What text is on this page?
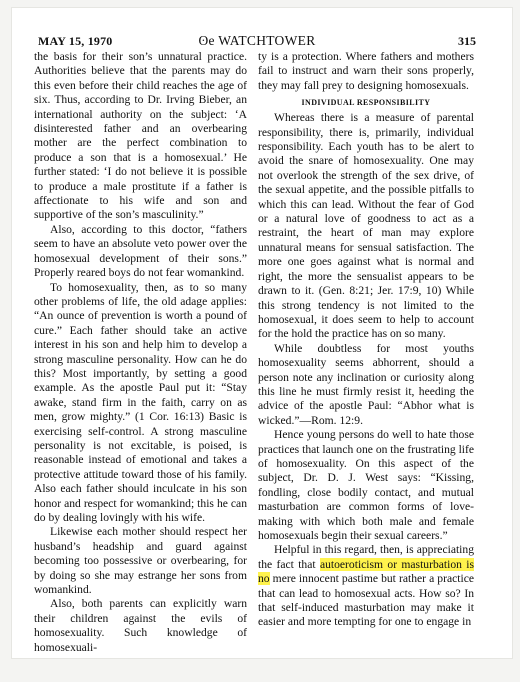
MAY 15, 1970	ʘe WATCHTOWER	315

the basis for their son’s unnatural practice. Authorities believe that the parents may do this even before their child reaches the age of six. Thus, according to Dr. Irving Bieber, an international authority on the subject: ‘A disinterested father and an overbearing mother are the perfect combination to produce a son that is a homosexual.’ He further stated: ‘I do not believe it is possible to produce a male prostitute if a father is affectionate to his wife and son and supportive of the son’s masculinity.”

Also, according to this doctor, “fathers seem to have an absolute veto power over the homosexual development of their sons.” Properly reared boys do not fear womankind.

To homosexuality, then, as to so many other problems of life, the old adage applies: “An ounce of prevention is worth a pound of cure.” Each father should take an active interest in his son and help him to develop a strong masculine personality. How can he do this? Most importantly, by setting a good example. As the apostle Paul put it: “Stay awake, stand firm in the faith, carry on as men, grow mighty.” (1 Cor. 16:13) Basic is exercising self-control. A strong masculine personality is not excitable, is poised, is reasonable instead of emotional and takes a protective attitude toward those of his family. Also each father should inculcate in his son honor and respect for womankind; this he can do by dealing lovingly with his wife.

Likewise each mother should respect her husband’s headship and guard against becoming too possessive or overbearing, for by doing so she may estrange her sons from womankind.

Also, both parents can explicitly warn their children against the evils of homosexuality. Such knowledge of homosexuali-

ty is a protection. Where fathers and mothers fail to instruct and warn their sons properly, they may fall prey to designing homosexuals.

INDIVIDUAL RESPONSIBILITY

Whereas there is a measure of parental responsibility, there is, primarily, individual responsibility. Each youth has to be alert to avoid the snare of homosexuality. One may not overlook the strength of the sex drive, of the sexual appetite, and the possible pitfalls to which this can lead. Without the fear of God or a natural love of goodness to act as a restraint, the heart of man may explore unnatural means for sensual satisfaction. The more one goes against what is normal and right, the more the sensualist appears to be drawn to it. (Gen. 8:21; Jer. 17:9, 10) While this strong tendency is not limited to the homosexual, it does seem to help to account for the hold the practice has on so many.

While doubtless for most youths homosexuality seems abhorrent, should a person note any inclination or curiosity along this line he must firmly resist it, heeding the advice of the apostle Paul: “Abhor what is wicked.”—Rom. 12:9.

Hence young persons do well to hate those practices that launch one on the frustrating life of homosexuality. On this aspect of the subject, Dr. D. J. West says: “Kissing, fondling, close bodily contact, and mutual masturbation are common forms of love-making with which both male and female homosexuals begin their sexual careers.”

Helpful in this regard, then, is appreciating the fact that autoeroticism or masturbation is no mere innocent pastime but rather a practice that can lead to homosexual acts. How so? In that self-induced masturbation may make it easier and more tempting for one to engage in
